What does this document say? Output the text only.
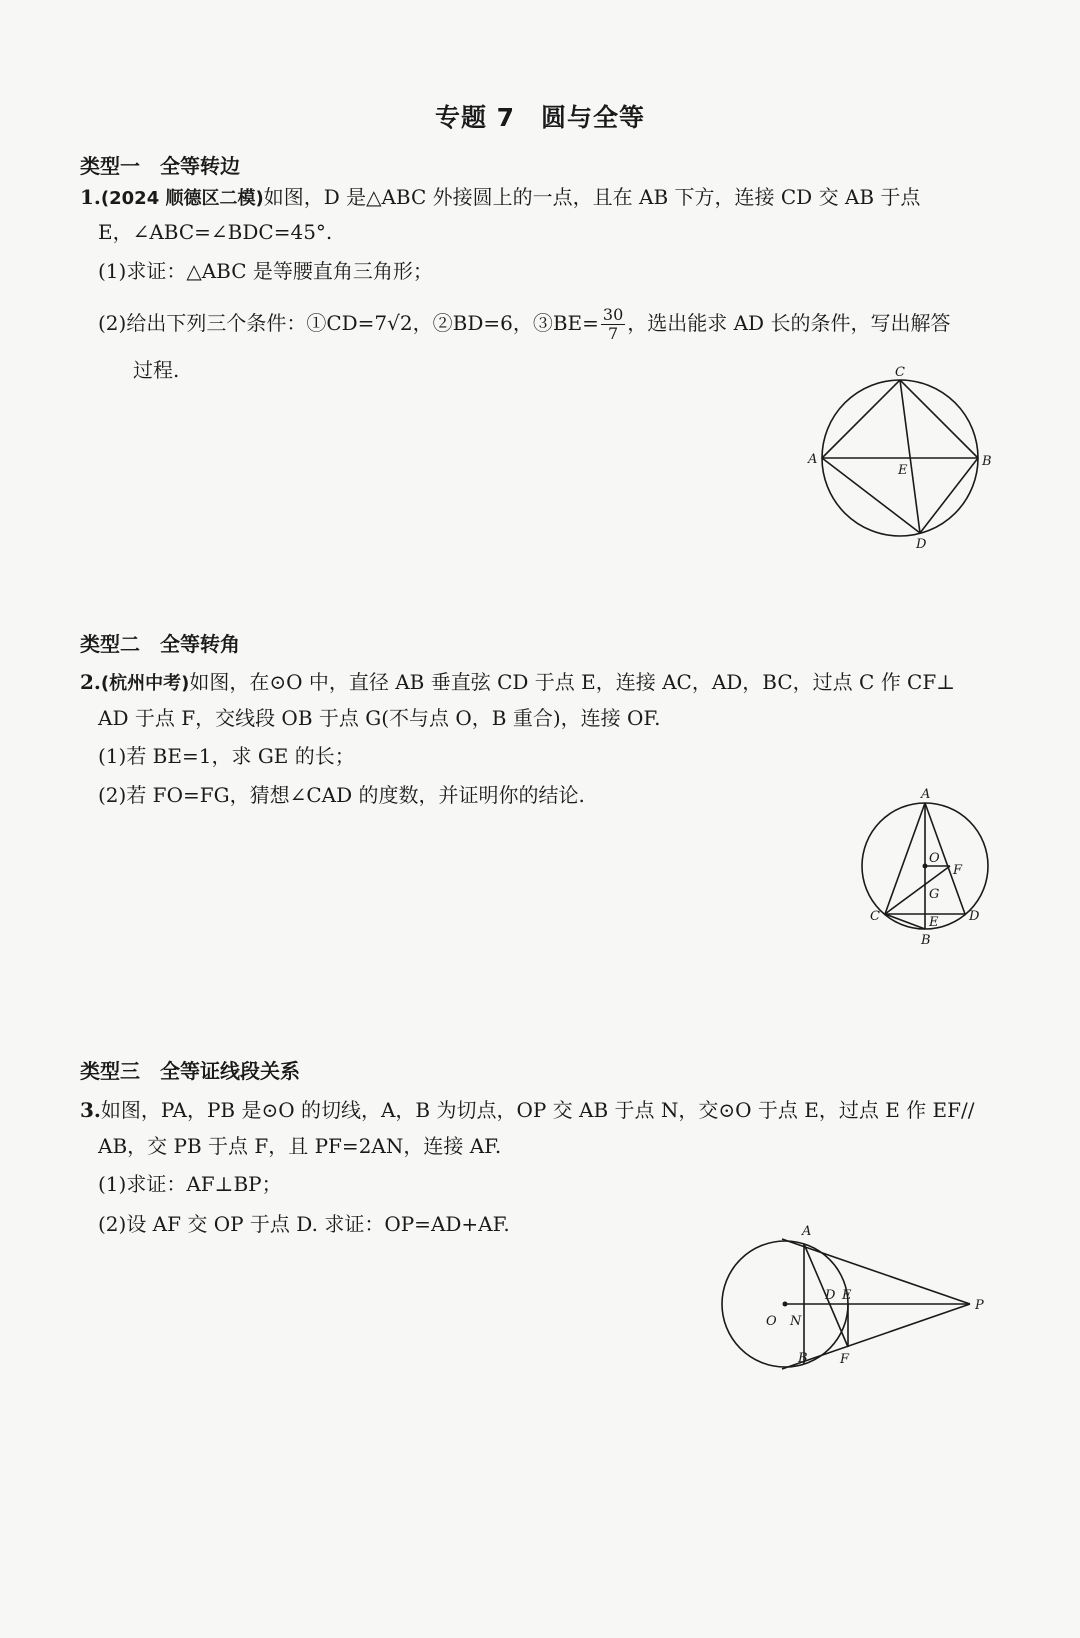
专题 7　圆与全等
类型一　全等转边
1.(2024 顺德区二模)如图，D 是△ABC 外接圆上的一点，且在 AB 下方，连接 CD 交 AB 于点
E，∠ABC=∠BDC=45°.
(1)求证：△ABC 是等腰直角三角形；
(2)给出下列三个条件：①CD=7√2，②BD=6，③BE= $\frac{30}{7}$ ，选出能求 AD 长的条件，写出解答
过程.	C
A	B
E
D
类型二　全等转角
2.(杭州中考)如图，在⊙O 中，直径 AB 垂直弦 CD 于点 E，连接 AC，AD，BC，过点 C 作 CF⊥
AD 于点 F，交线段 OB 于点 G(不与点 O，B 重合)，连接 OF.
(1)若 BE=1，求 GE 的长；
(2)若 FO=FG，猜想∠CAD 的度数，并证明你的结论.	A
O
F
G
C	E D
B
类型三　全等证线段关系
3.如图，PA，PB 是⊙O 的切线，A，B 为切点，OP 交 AB 于点 N，交⊙O 于点 E，过点 E 作 EF//
AB，交 PB 于点 F，且 PF=2AN，连接 AF.
(1)求证：AF⊥BP；
(2)设 AF 交 OP 于点 D. 求证：OP=AD+AF.	A
O N
D E
P
F
B
